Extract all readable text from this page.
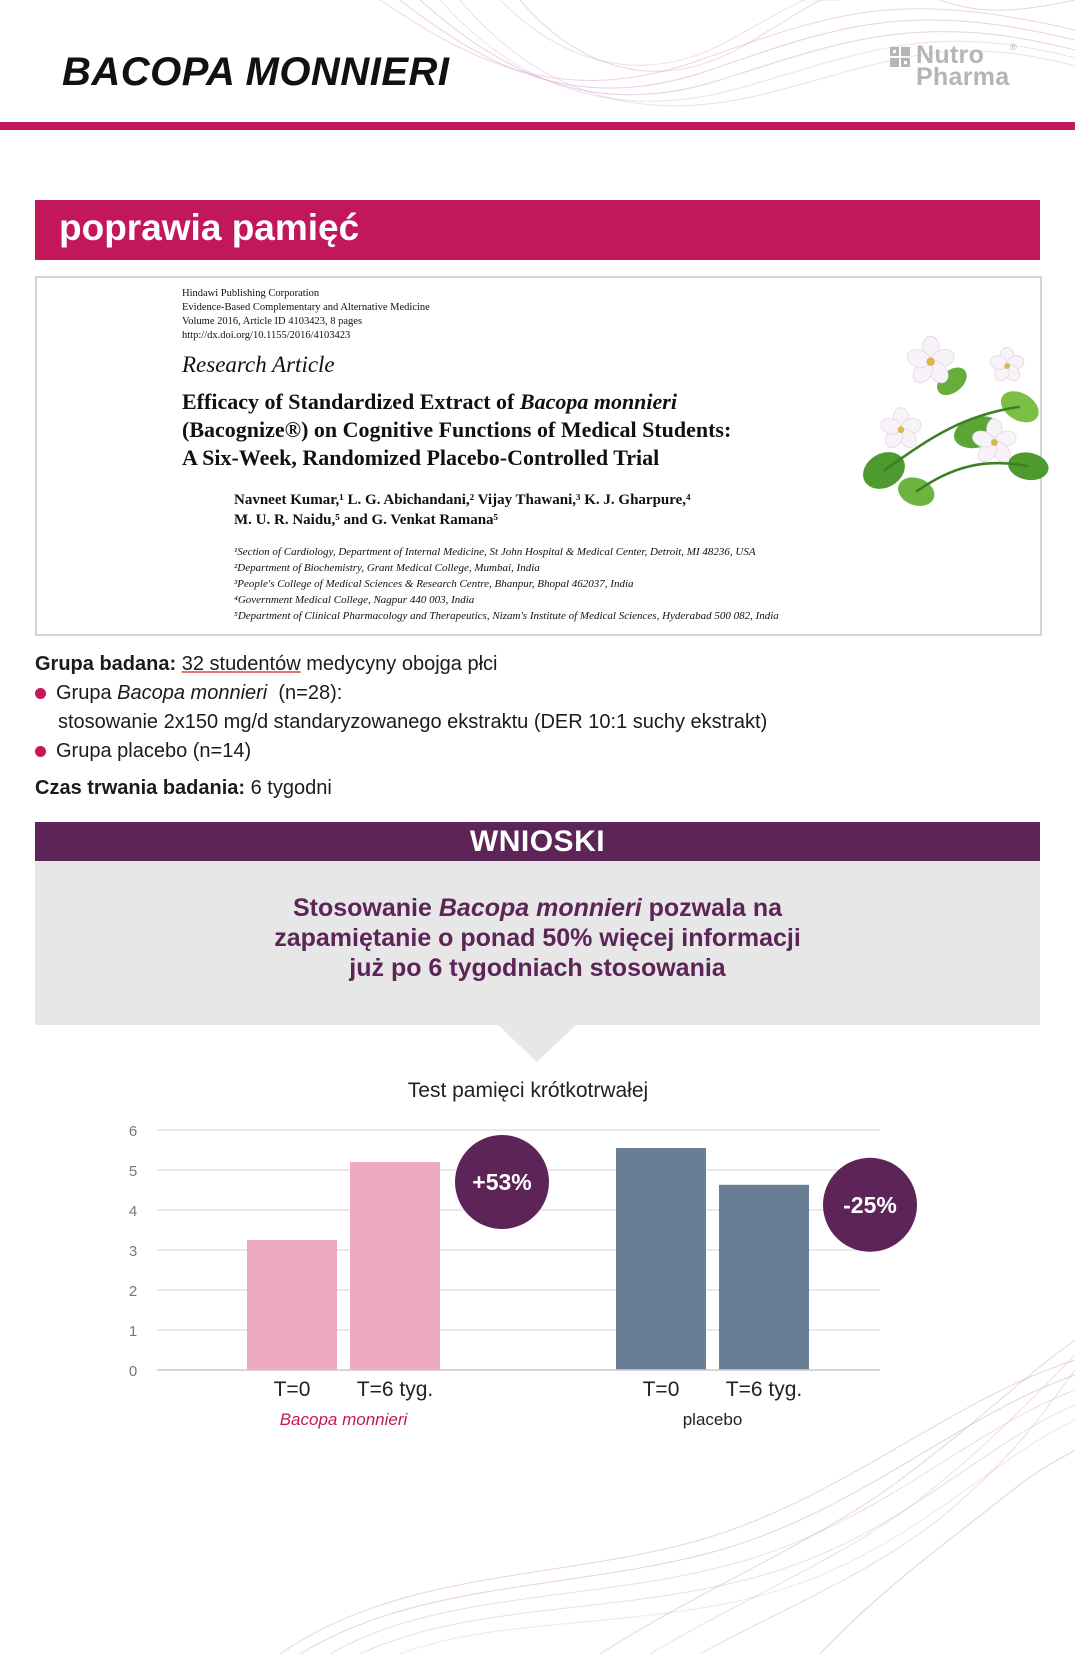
BACOPA MONNIERI	Nutro
Pharma
®
poprawia pamięć
Hindawi Publishing Corporation
Evidence-Based Complementary and Alternative Medicine
Volume 2016, Article ID 4103423, 8 pages
http://dx.doi.org/10.1155/2016/4103423
Research Article
Efficacy of Standardized Extract of Bacopa monnieri
(Bacognize®) on Cognitive Functions of Medical Students:
A Six-Week, Randomized Placebo-Controlled Trial
Navneet Kumar,¹ L. G. Abichandani,² Vijay Thawani,³ K. J. Gharpure,⁴
M. U. R. Naidu,⁵ and G. Venkat Ramana⁵
¹Section of Cardiology, Department of Internal Medicine, St John Hospital & Medical Center, Detroit, MI 48236, USA
²Department of Biochemistry, Grant Medical College, Mumbai, India
³People's College of Medical Sciences & Research Centre, Bhanpur, Bhopal 462037, India
⁴Government Medical College, Nagpur 440 003, India
⁵Department of Clinical Pharmacology and Therapeutics, Nizam's Institute of Medical Sciences, Hyderabad 500 082, India
Grupa badana: 32 studentów medycyny obojga płci
Grupa Bacopa monnieri  (n=28):
stosowanie 2x150 mg/d standaryzowanego ekstraktu (DER 10:1 suchy ekstrakt)
Grupa placebo (n=14)
Czas trwania badania: 6 tygodni
WNIOSKI
Stosowanie Bacopa monnieri pozwala na
zapamiętanie o ponad 50% więcej informacji
już po 6 tygodniach stosowania
Test pamięci krótkotrwałej
0
1
2
3
4
5
6
T=0 T=6 tyg.
Bacopa monnieri
+53%
T=0 T=6 tyg.
placebo
-25%
